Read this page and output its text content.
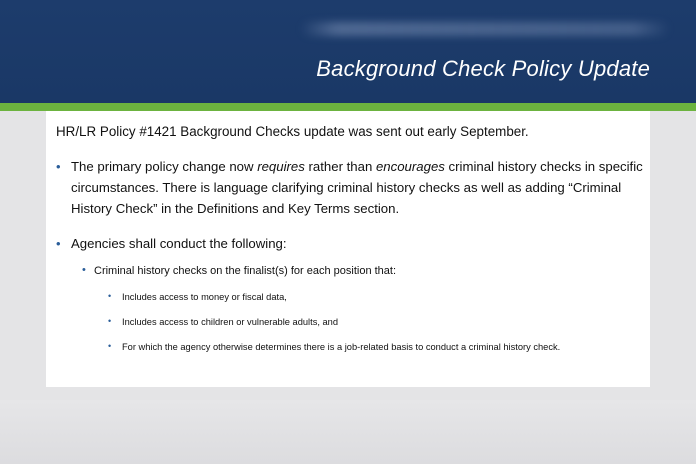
Background Check Policy Update
HR/LR Policy #1421 Background Checks update was sent out early September.
• The primary policy change now requires rather than encourages criminal history checks in specific circumstances. There is language clarifying criminal history checks as well as adding “Criminal History Check” in the Definitions and Key Terms section.
• Agencies shall conduct the following:
• Criminal history checks on the finalist(s) for each position that:
• Includes access to money or fiscal data,
• Includes access to children or vulnerable adults, and
• For which the agency otherwise determines there is a job-related basis to conduct a criminal history check.
